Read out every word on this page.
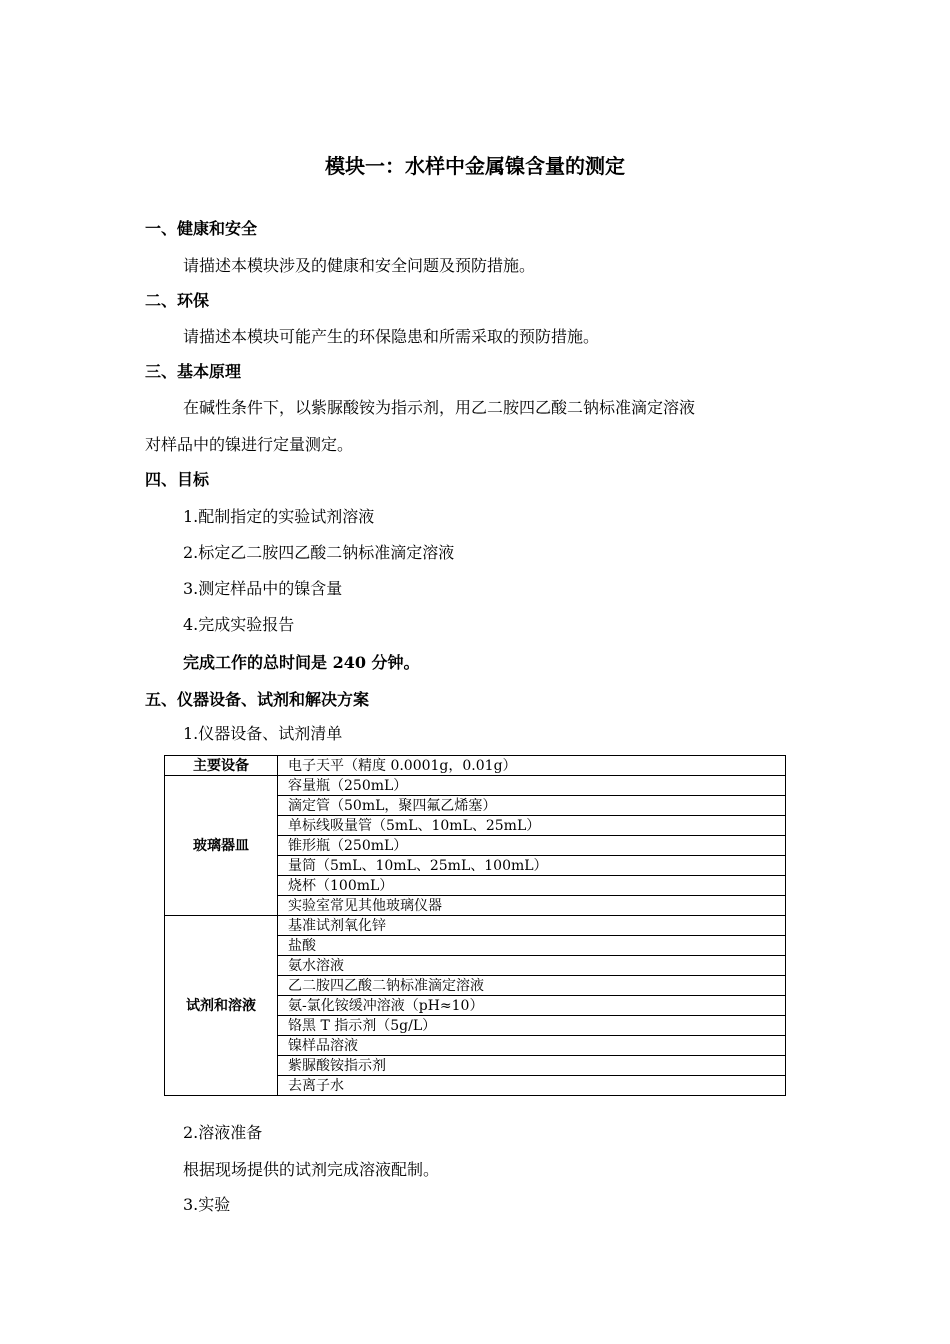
模块一：水样中金属镍含量的测定
一、健康和安全
请描述本模块涉及的健康和安全问题及预防措施。
二、环保
请描述本模块可能产生的环保隐患和所需采取的预防措施。
三、基本原理
在碱性条件下，以紫脲酸铵为指示剂，用乙二胺四乙酸二钠标准滴定溶液
对样品中的镍进行定量测定。
四、目标
1.配制指定的实验试剂溶液
2.标定乙二胺四乙酸二钠标准滴定溶液
3.测定样品中的镍含量
4.完成实验报告
完成工作的总时间是 240 分钟。
五、仪器设备、试剂和解决方案
1.仪器设备、试剂清单
主要设备	电子天平（精度 0.0001g，0.01g）
玻璃器皿	容量瓶（250mL）
	滴定管（50mL，聚四氟乙烯塞）
	单标线吸量管（5mL、10mL、25mL）
	锥形瓶（250mL）
	量筒（5mL、10mL、25mL、100mL）
	烧杯（100mL）
	实验室常见其他玻璃仪器
试剂和溶液	基准试剂氧化锌
	盐酸
	氨水溶液
	乙二胺四乙酸二钠标准滴定溶液
	氨-氯化铵缓冲溶液（pH≈10）
	铬黑 T 指示剂（5g/L）
	镍样品溶液
	紫脲酸铵指示剂
	去离子水
2.溶液准备
根据现场提供的试剂完成溶液配制。
3.实验
